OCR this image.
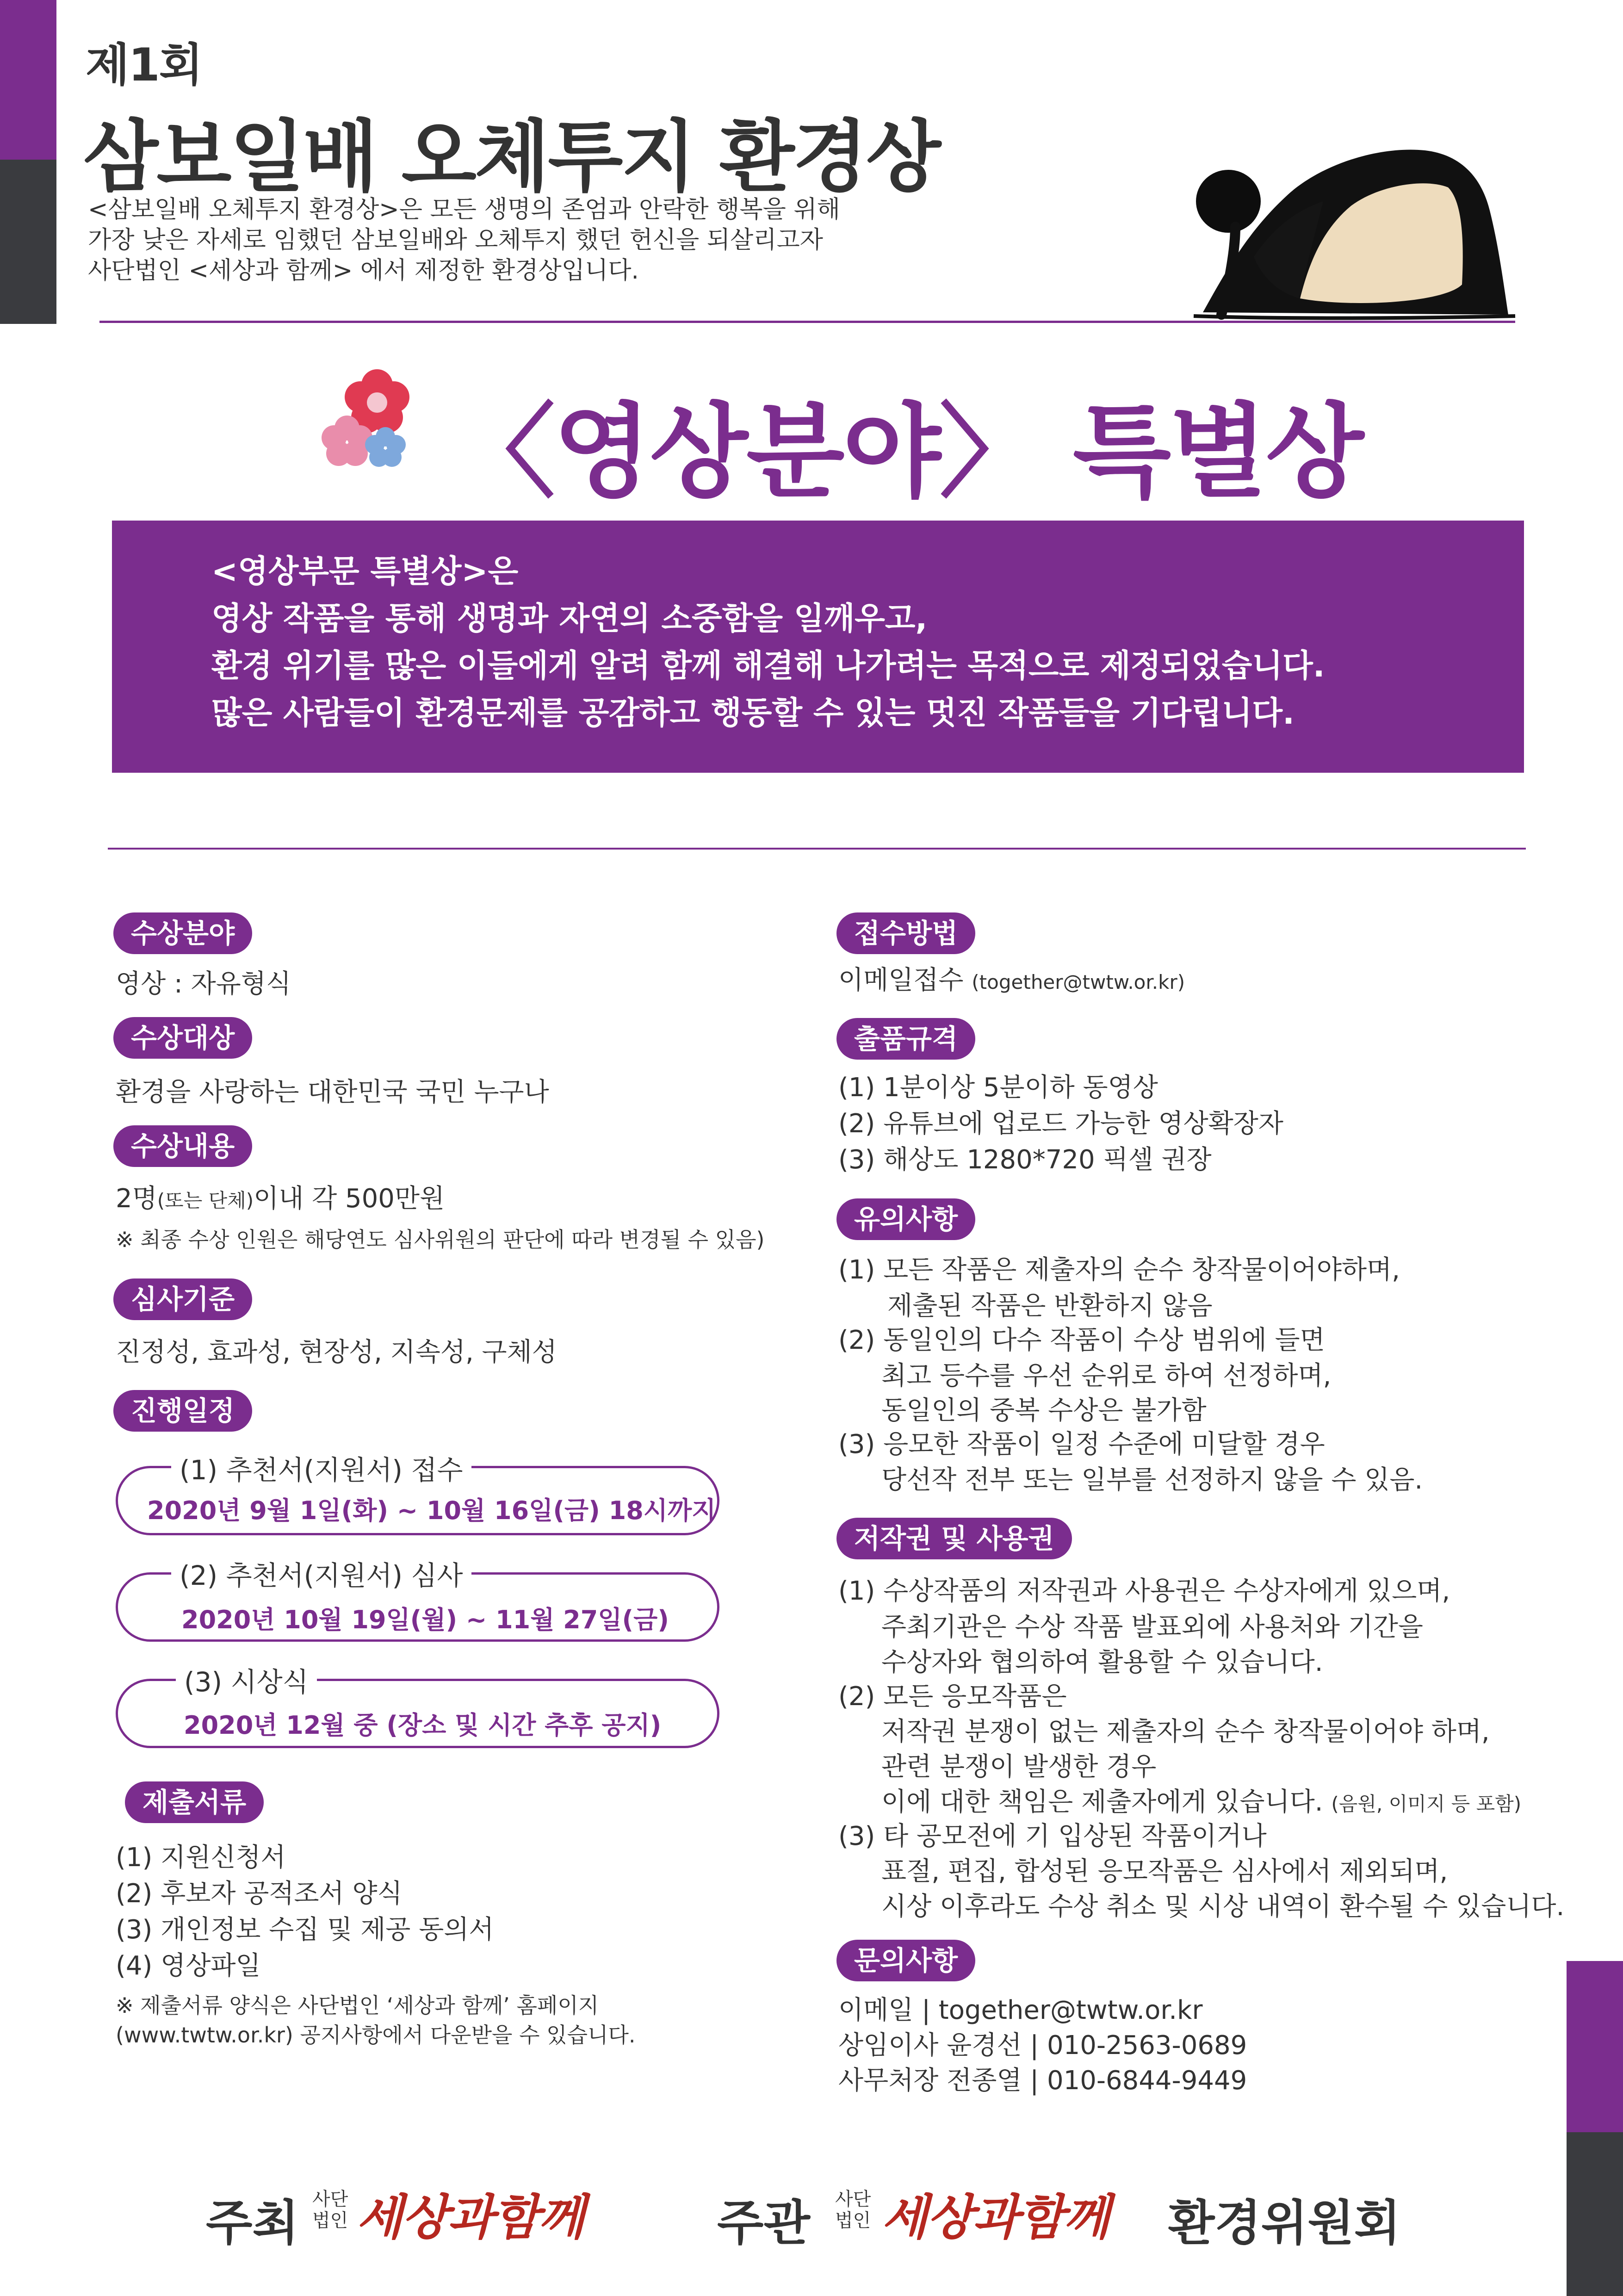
제1회
삼보일배 오체투지 환경상
<삼보일배 오체투지 환경상>은 모든 생명의 존엄과 안락한 행복을 위해
가장 낮은 자세로 임했던 삼보일배와 오체투지 했던 헌신을 되살리고자
사단법인 <세상과 함께> 에서 제정한 환경상입니다.
〈영상분야〉 특별상
<영상부문 특별상>은
영상 작품을 통해 생명과 자연의 소중함을 일깨우고,
환경 위기를 많은 이들에게 알려 함께 해결해 나가려는 목적으로 제정되었습니다.
많은 사람들이 환경문제를 공감하고 행동할 수 있는 멋진 작품들을 기다립니다.
수상분야
영상 : 자유형식
수상대상
환경을 사랑하는 대한민국 국민 누구나
수상내용
2명(또는 단체)이내 각 500만원
※ 최종 수상 인원은 해당연도 심사위원의 판단에 따라 변경될 수 있음)
심사기준
진정성, 효과성, 현장성, 지속성, 구체성
진행일정
(1) 추천서(지원서) 접수
2020년 9월 1일(화) ~ 10월 16일(금) 18시까지
(2) 추천서(지원서) 심사
2020년 10월 19일(월) ~ 11월 27일(금)
(3) 시상식
2020년 12월 중 (장소 및 시간 추후 공지)
제출서류
(1) 지원신청서
(2) 후보자 공적조서 양식
(3) 개인정보 수집 및 제공 동의서
(4) 영상파일
※ 제출서류 양식은 사단법인 ‘세상과 함께’ 홈페이지
(www.twtw.or.kr) 공지사항에서 다운받을 수 있습니다.
접수방법
이메일접수 (together@twtw.or.kr)
출품규격
(1) 1분이상 5분이하 동영상
(2) 유튜브에 업로드 가능한 영상확장자
(3) 해상도 1280*720 픽셀 권장
유의사항
(1) 모든 작품은 제출자의 순수 창작물이어야하며,
제출된 작품은 반환하지 않음
(2) 동일인의 다수 작품이 수상 범위에 들면
최고 등수를 우선 순위로 하여 선정하며,
동일인의 중복 수상은 불가함
(3) 응모한 작품이 일정 수준에 미달할 경우
당선작 전부 또는 일부를 선정하지 않을 수 있음.
저작권 및 사용권
(1) 수상작품의 저작권과 사용권은 수상자에게 있으며,
주최기관은 수상 작품 발표외에 사용처와 기간을
수상자와 협의하여 활용할 수 있습니다.
(2) 모든 응모작품은
저작권 분쟁이 없는 제출자의 순수 창작물이어야 하며,
관련 분쟁이 발생한 경우
이에 대한 책임은 제출자에게 있습니다. (음원, 이미지 등 포함)
(3) 타 공모전에 기 입상된 작품이거나
표절, 편집, 합성된 응모작품은 심사에서 제외되며,
시상 이후라도 수상 취소 및 시상 내역이 환수될 수 있습니다.
문의사항
이메일 | together@twtw.or.kr
상임이사 윤경선 | 010-2563-0689
사무처장 전종열 | 010-6844-9449
주최 사단
법인 세상과함께	주관 사단
법인 세상과함께 환경위원회
